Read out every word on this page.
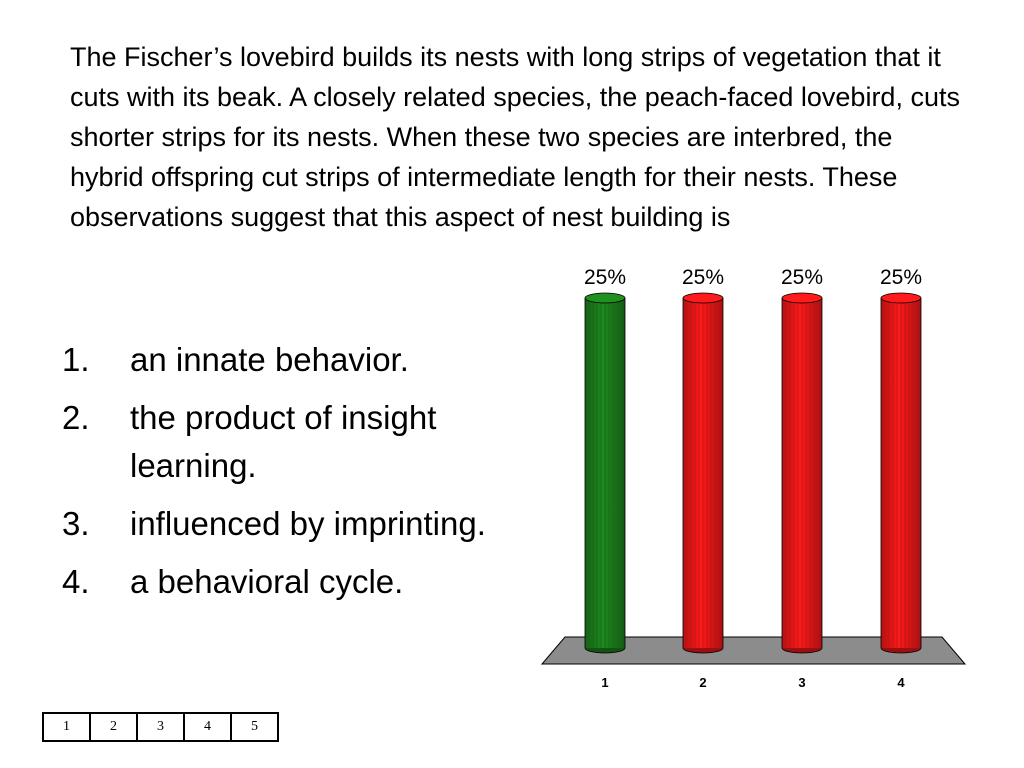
The Fischer’s lovebird builds its nests with long strips of vegetation that it cuts with its beak. A closely related species, the peach-faced lovebird, cuts shorter strips for its nests. When these two species are interbred, the hybrid offspring cut strips of intermediate length for their nests. These observations suggest that this aspect of nest building is

1. an innate behavior.
2. the product of insight learning.
3. influenced by imprinting.
4. a behavioral cycle.
25%
1
25%
2
25%
3
25%
4
1	2	3	4	5
